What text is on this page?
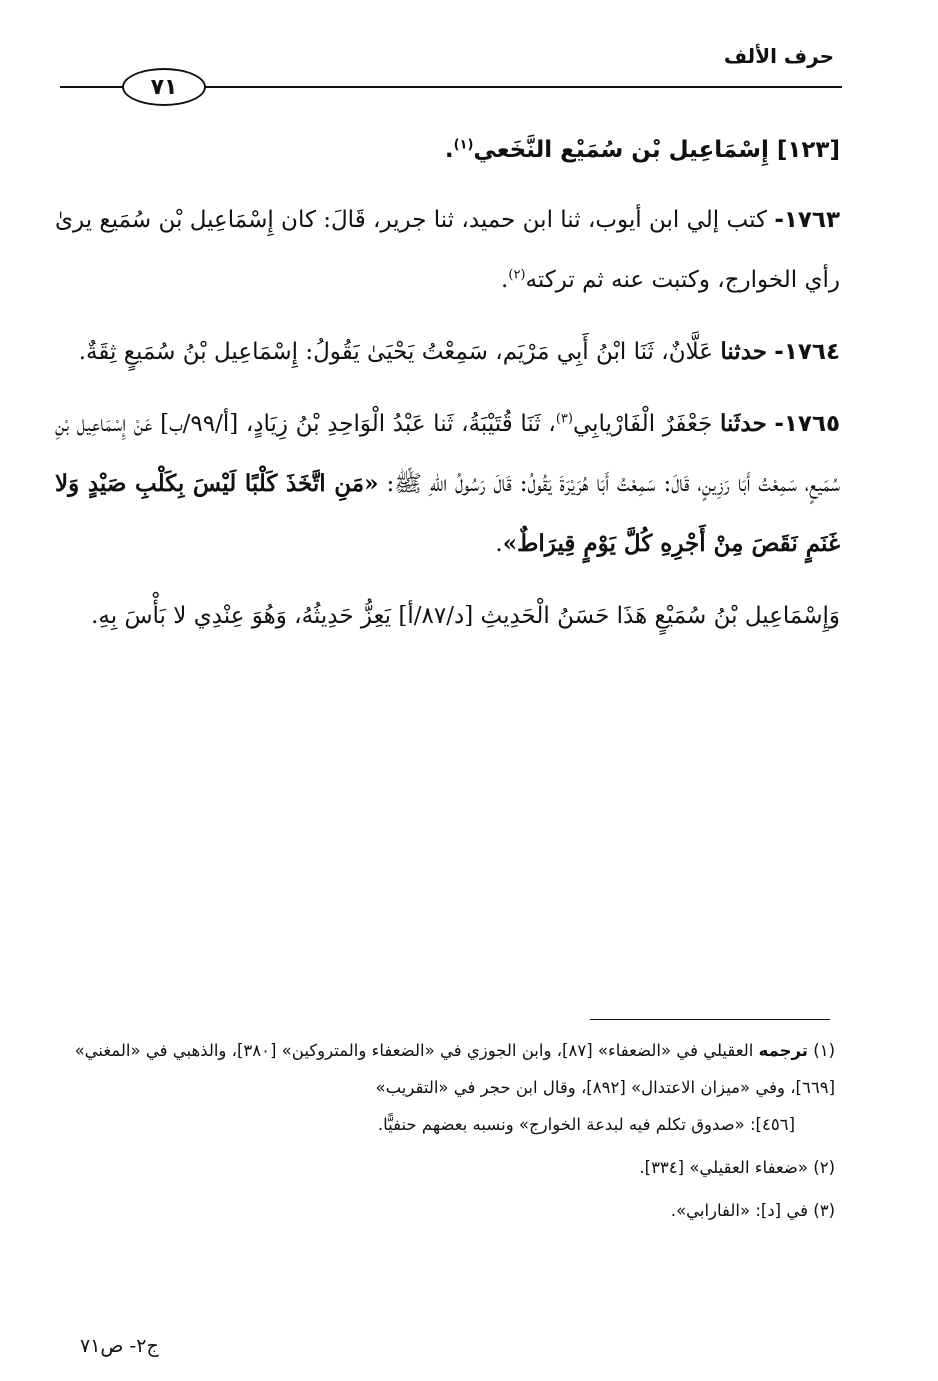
حرف الألف
٧١

[١٢٣] إِسْمَاعِيل بْن سُمَيْع النَّخَعي$^{(١)}$.

١٧٦٣- كتب إلي ابن أيوب، ثنا ابن حميد، ثنا جرير، قَالَ: كان إِسْمَاعِيل بْن سُمَيع يرىٰ رأي الخوارج، وكتبت عنه ثم تركته$^{(٢)}$.

١٧٦٤- حدثنا عَلَّانٌ، ثَنَا ابْنُ أَبِي مَرْيَم، سَمِعْتُ يَحْيَىٰ يَقُولُ: إِسْمَاعِيل بْنُ سُمَيعٍ ثِقَةٌ.

١٧٦٥- حدثَنا جَعْفَرٌ الْفَارْيابِي$^{(٣)}$، ثَنَا قُتَيْبَةُ، ثَنا عَبْدُ الْوَاحِدِ بْنُ زِيَادٍ، [أ/٩٩/ب] عَنْ إِسْمَاعِيل بْنِ سُمَيعٍ، سَمِعْتُ أَبَا رَزِينٍ، قَالَ: سَمِعْتُ أَبَا هُرَيْرَةَ يَقُولُ: قَالَ رَسُولُ اللهِ ﷺ: «مَنِ اتَّخَذَ كَلْبًا لَيْسَ بِكَلْبِ صَيْدٍ وَلا غَنَمٍ نَقَصَ مِنْ أَجْرِهِ كُلَّ يَوْمٍ قِيرَاطٌ».

وَإِسْمَاعِيل بْنُ سُمَيْعٍ هَذَا حَسَنُ الْحَدِيثِ [د/٨٧/أ] يَعِزُّ حَدِيثُهُ، وَهُوَ عِنْدِي لا بَأْسَ بِهِ.

(١) ترجمه العقيلي في «الضعفاء» [٨٧]، وابن الجوزي في «الضعفاء والمتروكين» [٣٨٠]، والذهبي في «المغني» [٦٦٩]، وفي «ميزان الاعتدال» [٨٩٢]، وقال ابن حجر في «التقريب»
[٤٥٦]: «صدوق تكلم فيه لبدعة الخوارج» ونسبه بعضهم حنفيًّا.

(٢) «ضعفاء العقيلي» [٣٣٤].

(٣) في [د]: «الفارابي».

ج٢- ص٧١
